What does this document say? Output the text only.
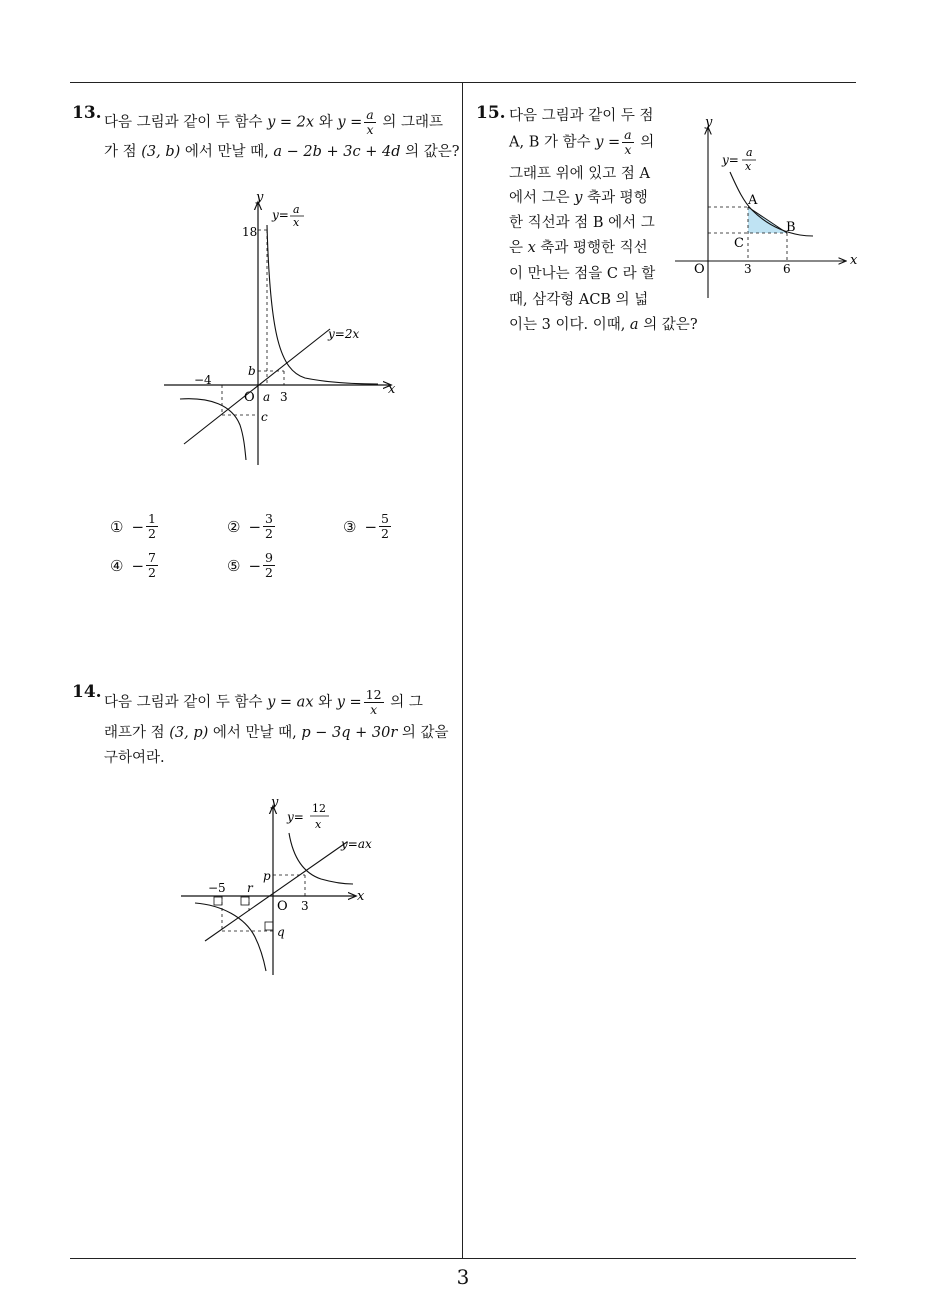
3
13. 다음 그림과 같이 두 함수 y = 2x 와 $y = \frac{a}{x}$ 의 그래프
가 점 (3, b) 에서 만날 때, a − 2b + 3c + 4d 의 값은?
y
x
O
y= a
x
y=2x
18
b
−4
a 3
c
① − $\frac{1}{2}$	② − $\frac{3}{2}$	③ − $\frac{5}{2}$
④ − $\frac{7}{2}$	⑤ − $\frac{9}{2}$
14.
다음 그림과 같이 두 함수 y = ax 와 $y = \frac{12}{x}$ 의 그
래프가 점 (3, p) 에서 만날 때, p − 3q + 30r 의 값을
구하여라.
y
x
O
y=
12
x
y=ax
p
−5 r
3
q
15. 다음 그림과 같이 두 점
A, B 가 함수 $y = \frac{a}{x}$ 의
그래프 위에 있고 점 A
에서 그은 y 축과 평행
한 직선과 점 B 에서 그
은 x 축과 평행한 직선
이 만나는 점을 C 라 할
때, 삼각형 ACB 의 넓
이는 3 이다. 이때, a 의 값은?
y
x
O
y=
a
x
A
B
C
3	6
